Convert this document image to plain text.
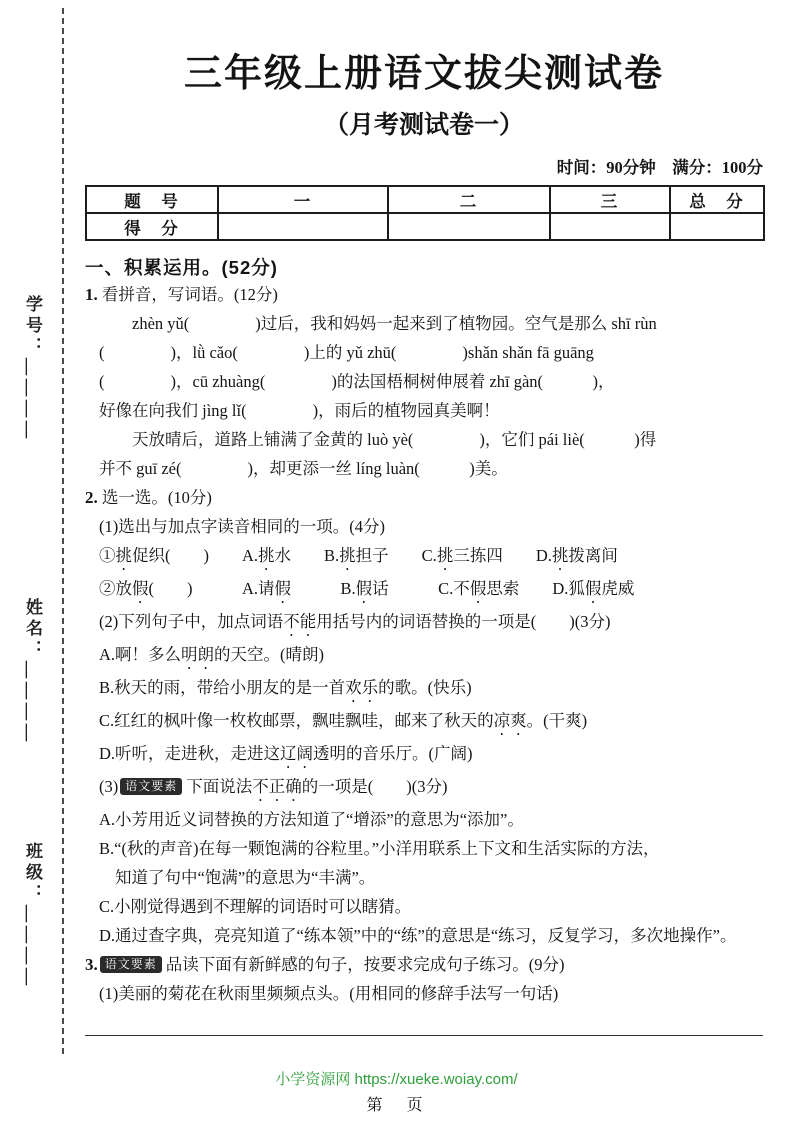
学号：＿＿＿＿
姓名：＿＿＿＿
班级：＿＿＿＿
三年级上册语文拔尖测试卷
（月考测试卷一）
时间：90分钟　满分：100分
题　号	一	二	三	总　分
得　分				
一、积累运用。(52分)
1. 看拼音，写词语。(12分)
zhèn yǔ(　　　　)过后，我和妈妈一起来到了植物园。空气是那么 shī rùn
(　　　　)，lǜ cǎo(　　　　)上的 yǔ zhū(　　　　)shǎn shǎn fā guāng
(　　　　)，cū zhuàng(　　　　)的法国梧桐树伸展着 zhī gàn(　　　)，
好像在向我们 jìng lǐ(　　　　)，雨后的植物园真美啊！
天放晴后，道路上铺满了金黄的 luò yè(　　　　)，它们 pái liè(　　　)得
并不 guī zé(　　　　)，却更添一丝 líng luàn(　　　)美。
2. 选一选。(10分)
(1)选出与加点字读音相同的一项。(4分)
①挑促织(　　)　　A.挑水　　B.挑担子　　C.挑三拣四　　D.挑拨离间
②放假(　　)　　　A.请假　　　B.假话　　　C.不假思索　　D.狐假虎威
(2)下列句子中，加点词语不能用括号内的词语替换的一项是(　　)(3分)
A.啊！多么明朗的天空。(晴朗)
B.秋天的雨，带给小朋友的是一首欢乐的歌。(快乐)
C.红红的枫叶像一枚枚邮票，飘哇飘哇，邮来了秋天的凉爽。(干爽)
D.听听，走进秋，走进这辽阔透明的音乐厅。(广阔)
(3) 语文要素 下面说法不正确的一项是(　　)(3分)
A.小芳用近义词替换的方法知道了“增添”的意思为“添加”。
B.“(秋的声音)在每一颗饱满的谷粒里。”小洋用联系上下文和生活实际的方法，
知道了句中“饱满”的意思为“丰满”。
C.小刚觉得遇到不理解的词语时可以瞎猜。
D.通过查字典，亮亮知道了“练本领”中的“练”的意思是“练习，反复学习，多次地操作”。
3. 语文要素 品读下面有新鲜感的句子，按要求完成句子练习。(9分)
(1)美丽的菊花在秋雨里频频点头。(用相同的修辞手法写一句话)
小学资源网 https://xueke.woiay.com/
第　页
